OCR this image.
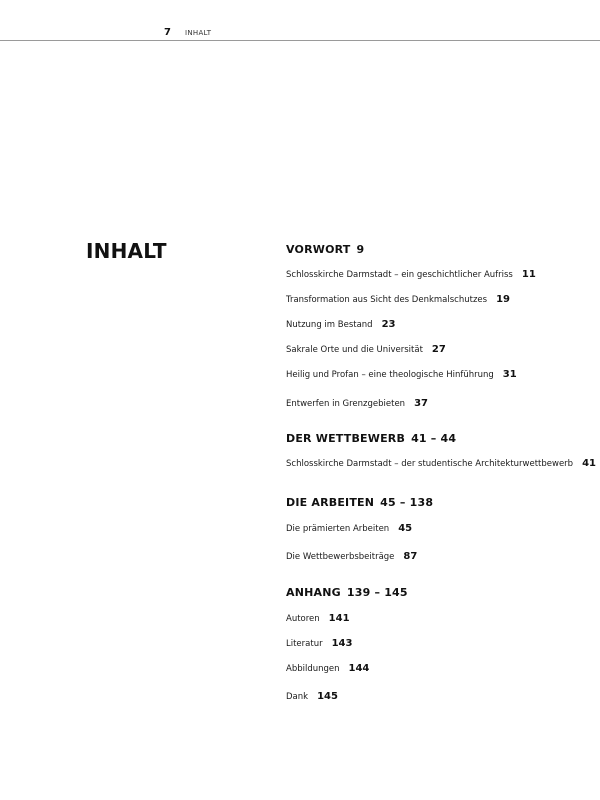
7 INHALT
INHALT	VORWORT 9
Schlosskirche Darmstadt – ein geschichtlicher Aufriss 11
Transformation aus Sicht des Denkmalschutzes 19
Nutzung im Bestand 23
Sakrale Orte und die Universität 27
Heilig und Profan – eine theologische Hinführung 31
Entwerfen in Grenzgebieten 37
DER WETTBEWERB 41 – 44
Schlosskirche Darmstadt – der studentische Architekturwettbewerb 41
DIE ARBEITEN 45 – 138
Die prämierten Arbeiten 45
Die Wettbewerbsbeiträge 87
ANHANG 139 – 145
Autoren 141
Literatur 143
Abbildungen 144
Dank 145
